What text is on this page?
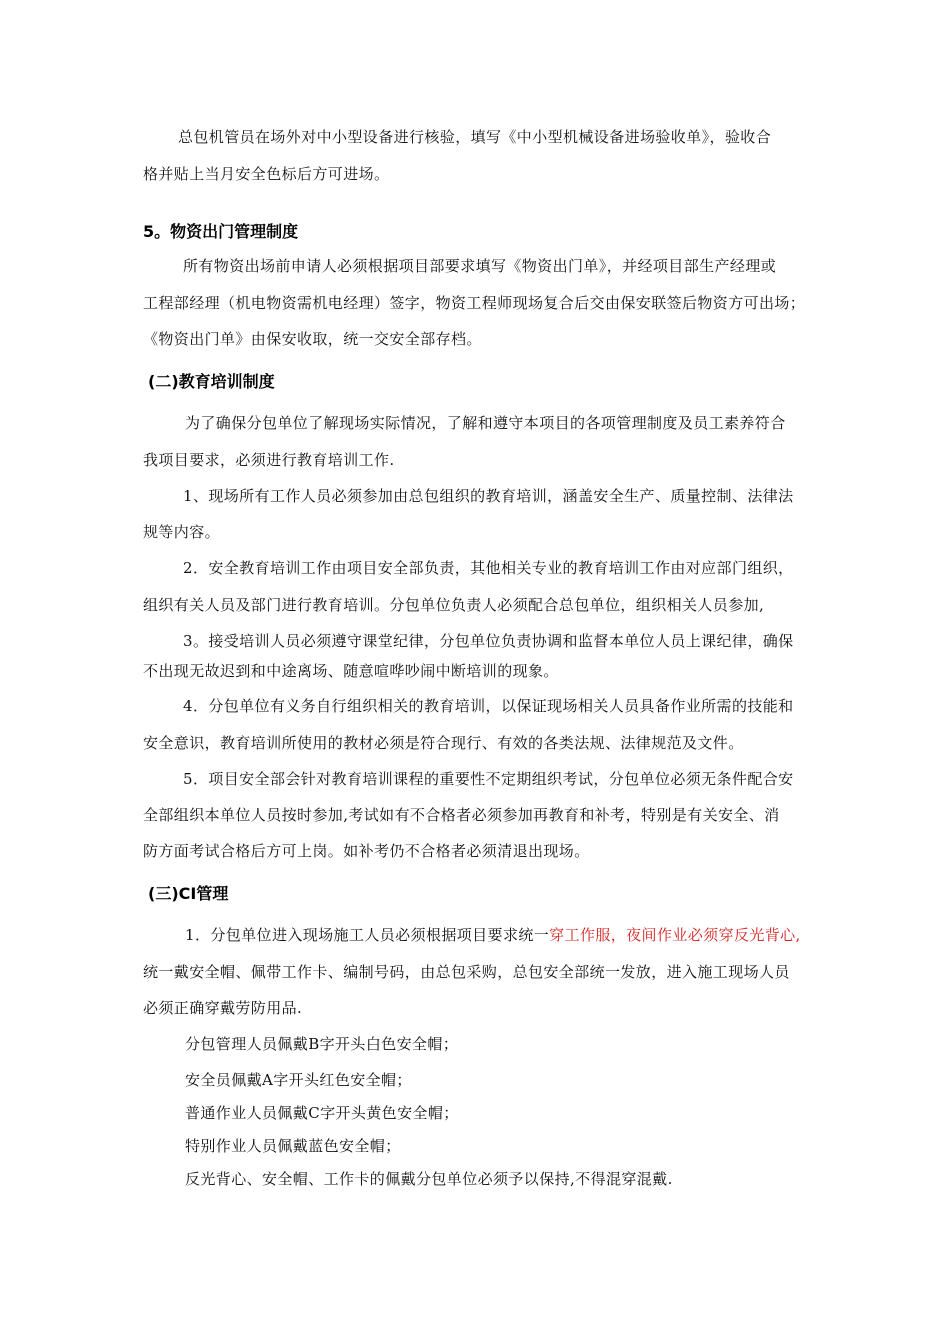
总包机管员在场外对中小型设备进行核验，填写《中小型机械设备进场验收单》，验收合
格并贴上当月安全色标后方可进场。
5。物资出门管理制度
所有物资出场前申请人必须根据项目部要求填写《物资出门单》，并经项目部生产经理或
工程部经理（机电物资需机电经理）签字，物资工程师现场复合后交由保安联签后物资方可出场；
《物资出门单》由保安收取，统一交安全部存档。
(二)教育培训制度
为了确保分包单位了解现场实际情况，了解和遵守本项目的各项管理制度及员工素养符合
我项目要求，必须进行教育培训工作.
1、现场所有工作人员必须参加由总包组织的教育培训，涵盖安全生产、质量控制、法律法
规等内容。
2．安全教育培训工作由项目安全部负责，其他相关专业的教育培训工作由对应部门组织，
组织有关人员及部门进行教育培训。分包单位负责人必须配合总包单位，组织相关人员参加,
3。接受培训人员必须遵守课堂纪律，分包单位负责协调和监督本单位人员上课纪律，确保
不出现无故迟到和中途离场、随意喧哗吵闹中断培训的现象。
4．分包单位有义务自行组织相关的教育培训，以保证现场相关人员具备作业所需的技能和
安全意识，教育培训所使用的教材必须是符合现行、有效的各类法规、法律规范及文件。
5．项目安全部会针对教育培训课程的重要性不定期组织考试，分包单位必须无条件配合安
全部组织本单位人员按时参加,考试如有不合格者必须参加再教育和补考，特别是有关安全、消
防方面考试合格后方可上岗。如补考仍不合格者必须清退出现场。
(三)CI管理
1．分包单位进入现场施工人员必须根据项目要求统一穿工作服，夜间作业必须穿反光背心,
统一戴安全帽、佩带工作卡、编制号码，由总包采购，总包安全部统一发放，进入施工现场人员
必须正确穿戴劳防用品.
分包管理人员佩戴B字开头白色安全帽；
安全员佩戴A字开头红色安全帽；
普通作业人员佩戴C字开头黄色安全帽；
特别作业人员佩戴蓝色安全帽；
反光背心、安全帽、工作卡的佩戴分包单位必须予以保持,不得混穿混戴.
